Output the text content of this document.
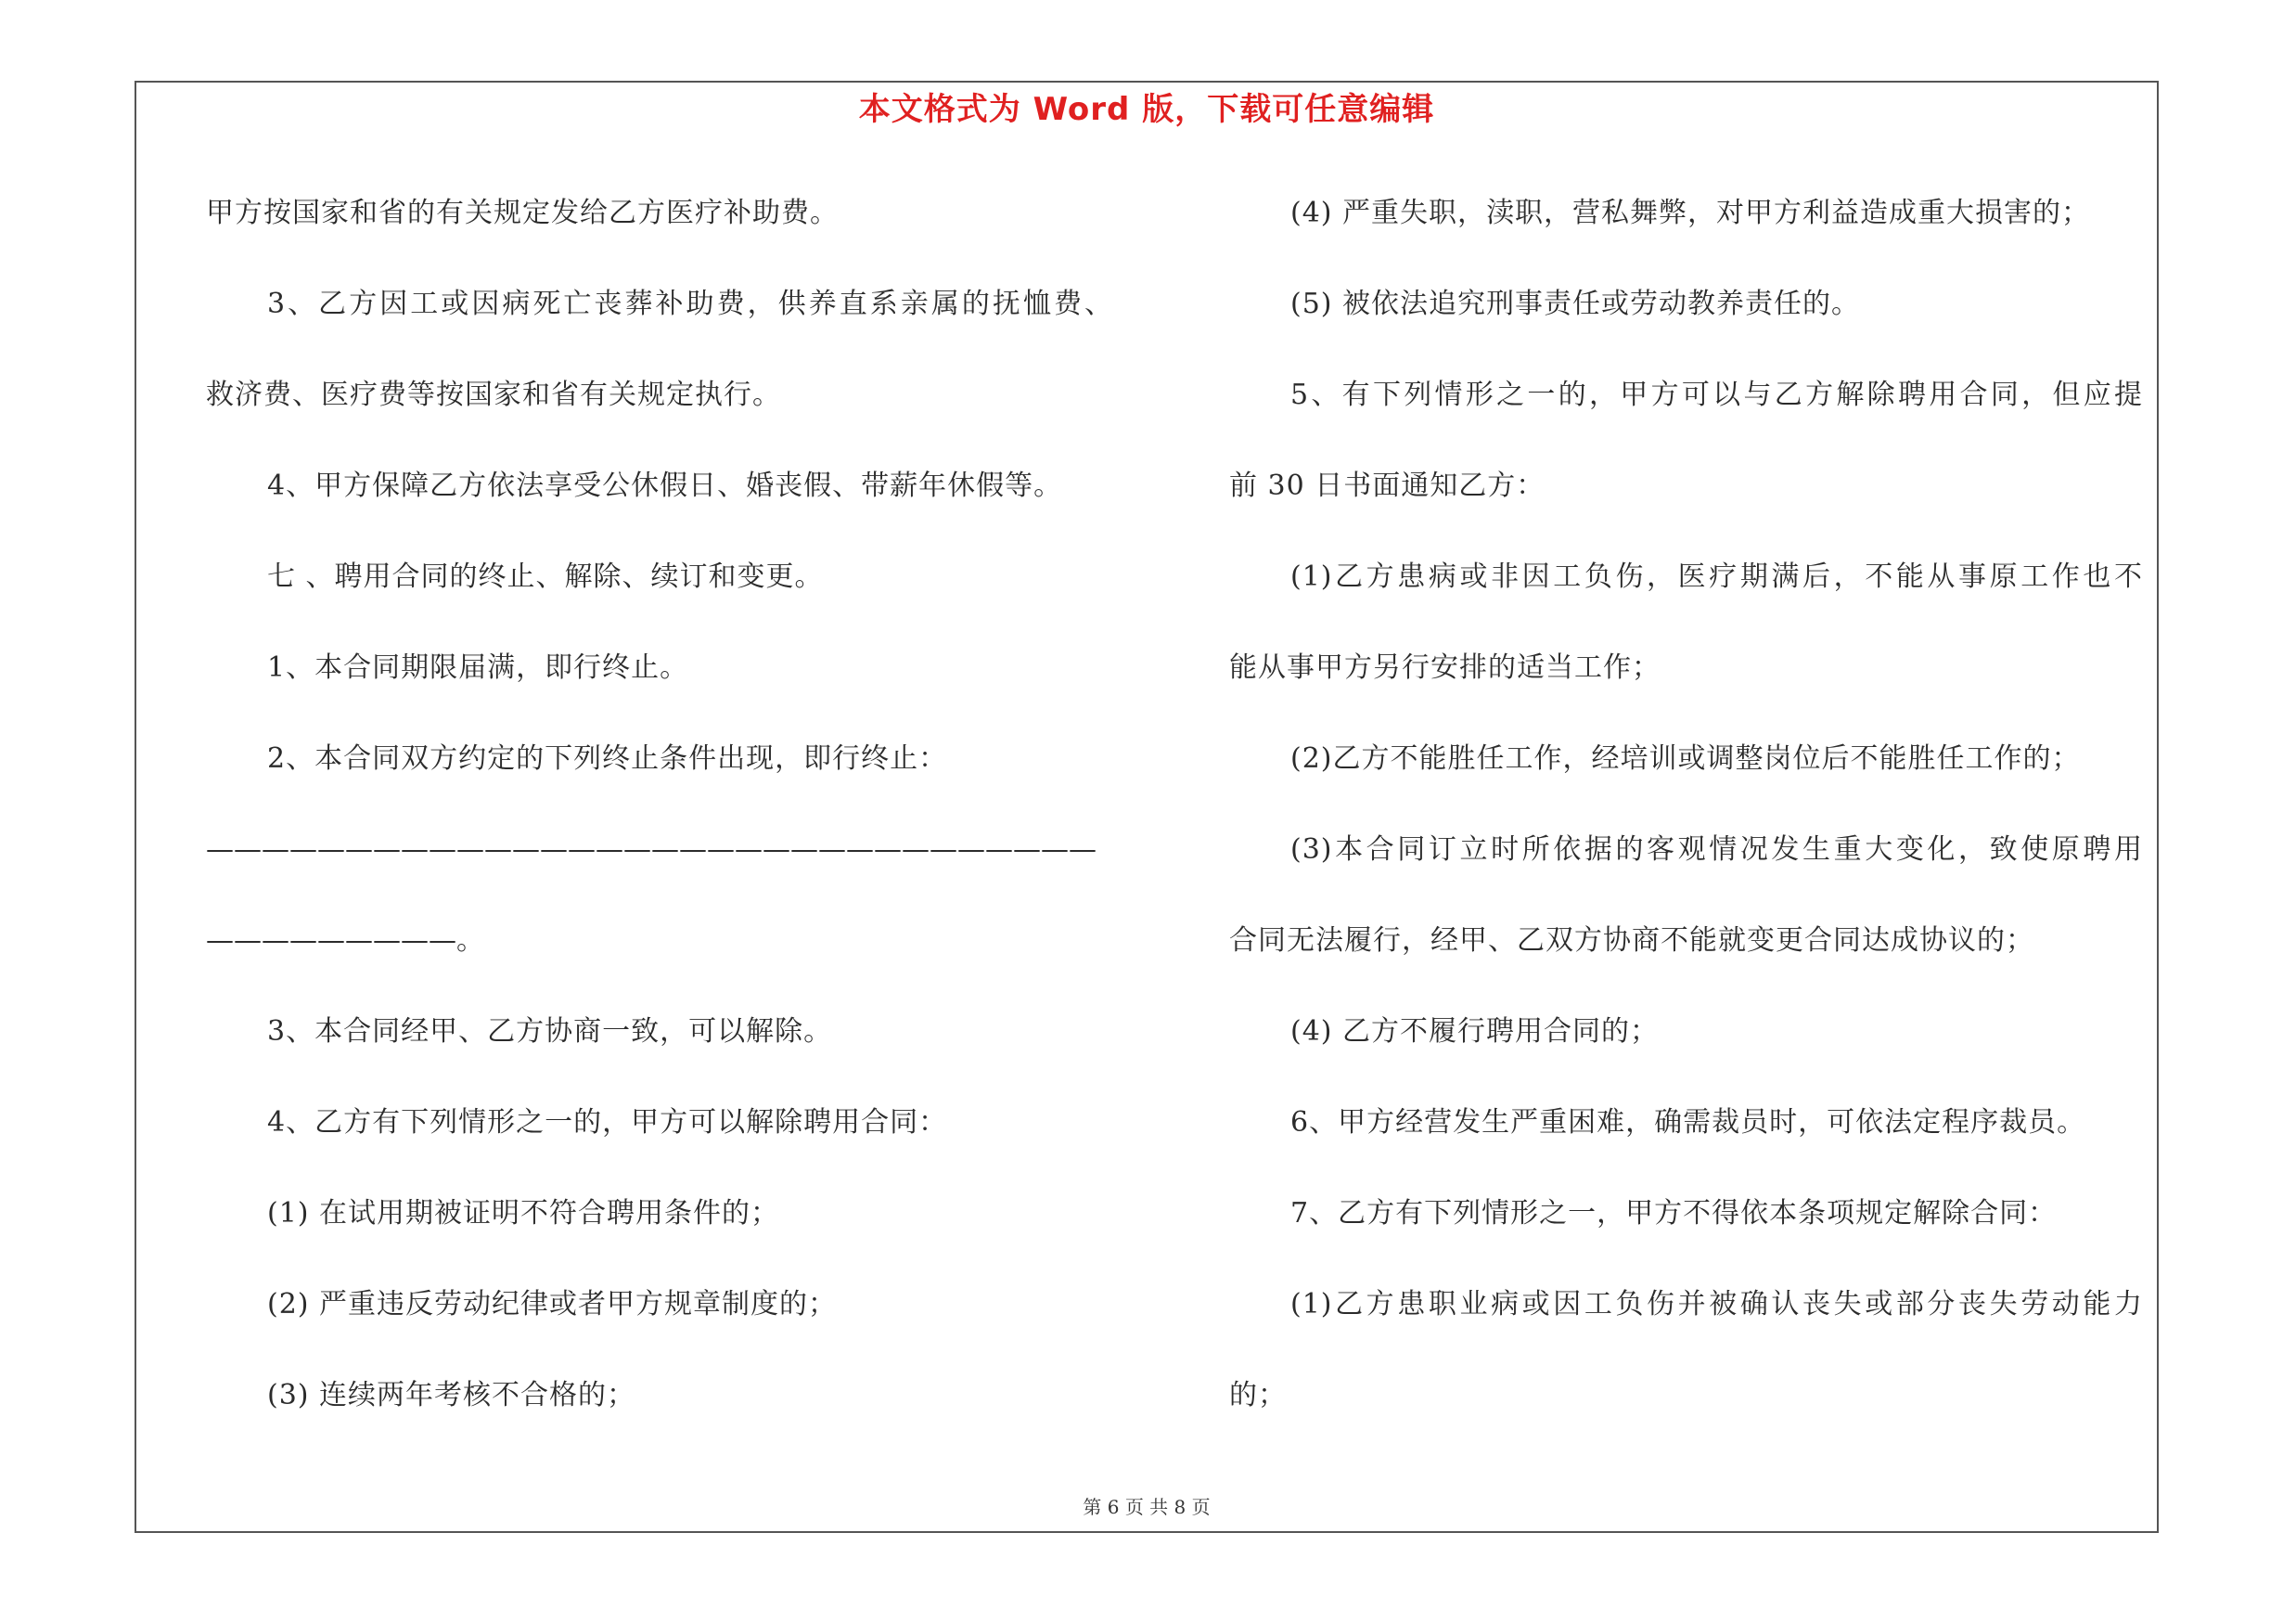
本文格式为 Word 版，下载可任意编辑
甲方按国家和省的有关规定发给乙方医疗补助费。
3、乙方因工或因病死亡丧葬补助费，供养直系亲属的抚恤费、
救济费、医疗费等按国家和省有关规定执行。
4、甲方保障乙方依法享受公休假日、婚丧假、带薪年休假等。
七 、聘用合同的终止、解除、续订和变更。
1、本合同期限届满，即行终止。
2、本合同双方约定的下列终止条件出现，即行终止：
————————————————————————————————
—————————。
3、本合同经甲、乙方协商一致，可以解除。
4、乙方有下列情形之一的，甲方可以解除聘用合同：
(1) 在试用期被证明不符合聘用条件的；
(2) 严重违反劳动纪律或者甲方规章制度的；
(3) 连续两年考核不合格的；
(4) 严重失职，渎职，营私舞弊，对甲方利益造成重大损害的；
(5) 被依法追究刑事责任或劳动教养责任的。
5、有下列情形之一的，甲方可以与乙方解除聘用合同，但应提
前 30 日书面通知乙方：
(1)乙方患病或非因工负伤，医疗期满后，不能从事原工作也不
能从事甲方另行安排的适当工作；
(2)乙方不能胜任工作，经培训或调整岗位后不能胜任工作的；
(3)本合同订立时所依据的客观情况发生重大变化，致使原聘用
合同无法履行，经甲、乙双方协商不能就变更合同达成协议的；
(4) 乙方不履行聘用合同的；
6、甲方经营发生严重困难，确需裁员时，可依法定程序裁员。
7、乙方有下列情形之一，甲方不得依本条项规定解除合同：
(1)乙方患职业病或因工负伤并被确认丧失或部分丧失劳动能力
的；
第 6 页 共 8 页
